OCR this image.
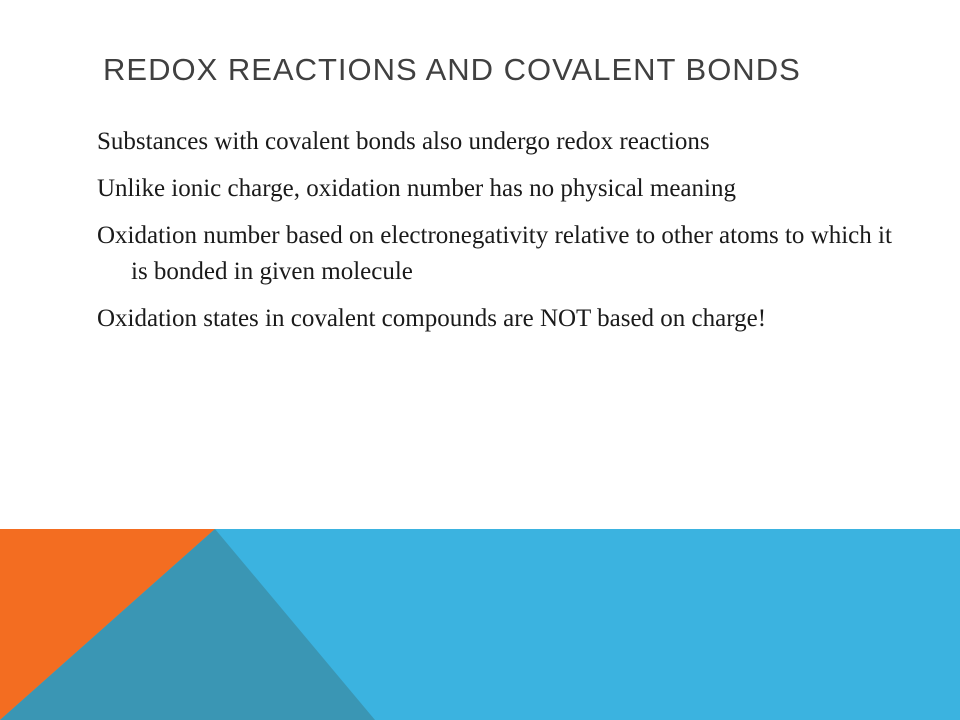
REDOX REACTIONS AND COVALENT BONDS
Substances with covalent bonds also undergo redox reactions
Unlike ionic charge, oxidation number has no physical meaning
Oxidation number based on electronegativity relative to other atoms to which it is bonded in given molecule
Oxidation states in covalent compounds are NOT based on charge!
